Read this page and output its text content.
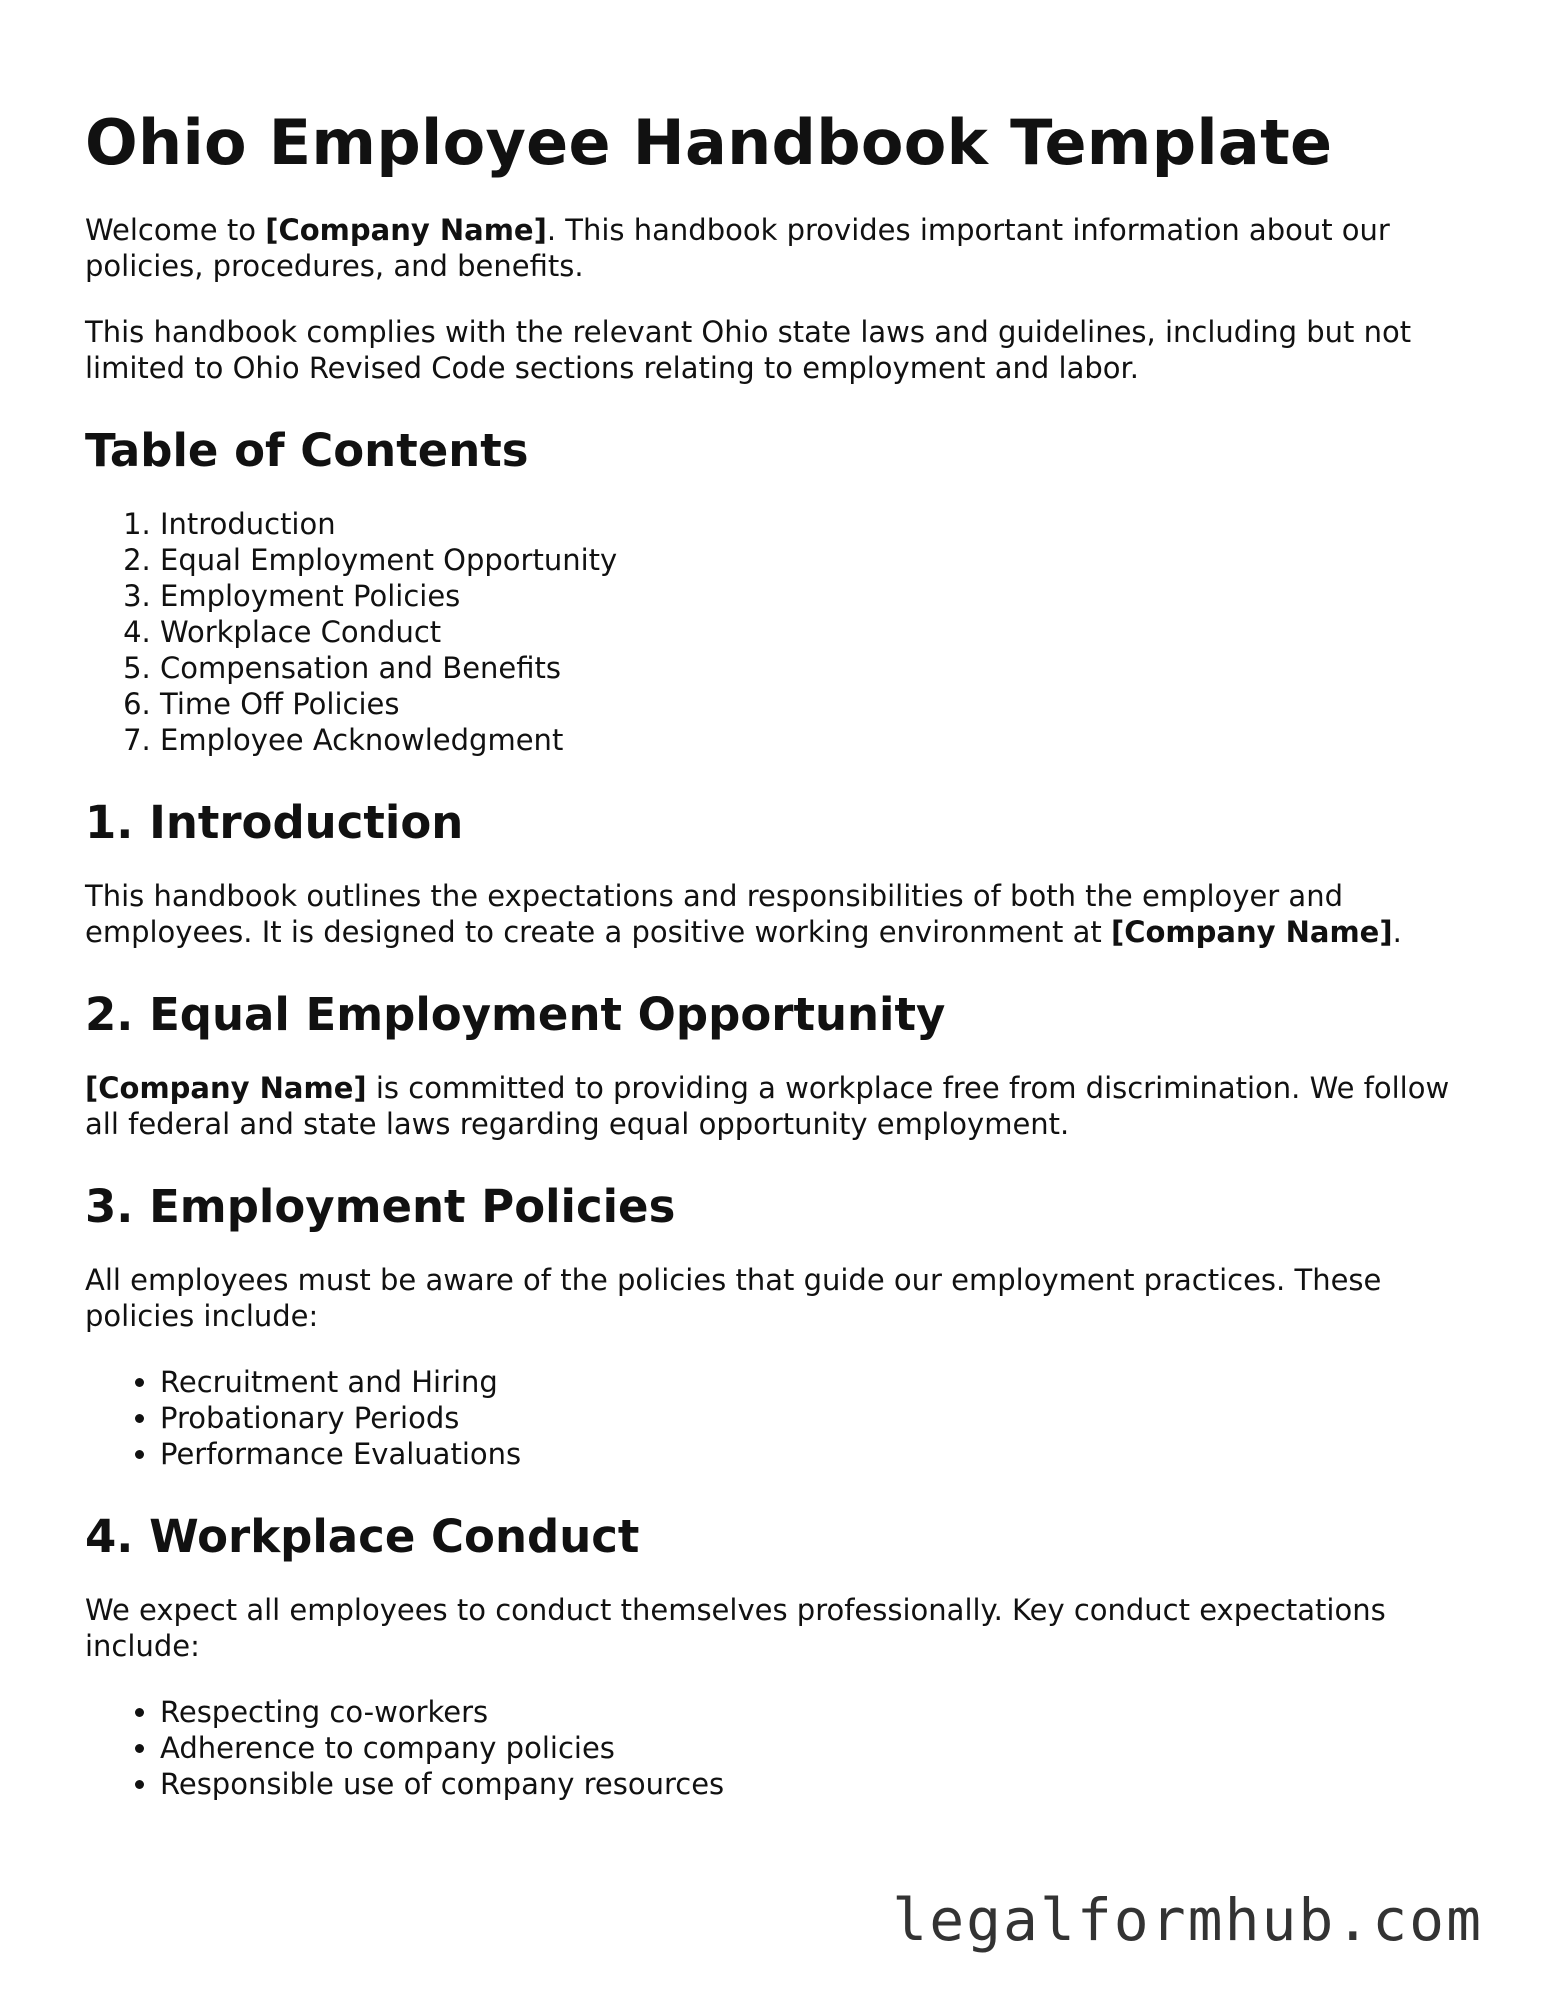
Ohio Employee Handbook Template

Welcome to [Company Name]. This handbook provides important information about our policies, procedures, and benefits.

This handbook complies with the relevant Ohio state laws and guidelines, including but not limited to Ohio Revised Code sections relating to employment and labor.

Table of Contents
1. Introduction
2. Equal Employment Opportunity
3. Employment Policies
4. Workplace Conduct
5. Compensation and Benefits
6. Time Off Policies
7. Employee Acknowledgment
1. Introduction

This handbook outlines the expectations and responsibilities of both the employer and employees. It is designed to create a positive working environment at [Company Name].

2. Equal Employment Opportunity

[Company Name] is committed to providing a workplace free from discrimination. We follow all federal and state laws regarding equal opportunity employment.

3. Employment Policies

All employees must be aware of the policies that guide our employment practices. These policies include:

• Recruitment and Hiring
• Probationary Periods
• Performance Evaluations
4. Workplace Conduct

We expect all employees to conduct themselves professionally. Key conduct expectations include:

• Respecting co-workers
• Adherence to company policies
• Responsible use of company resources
legalformhub.com
